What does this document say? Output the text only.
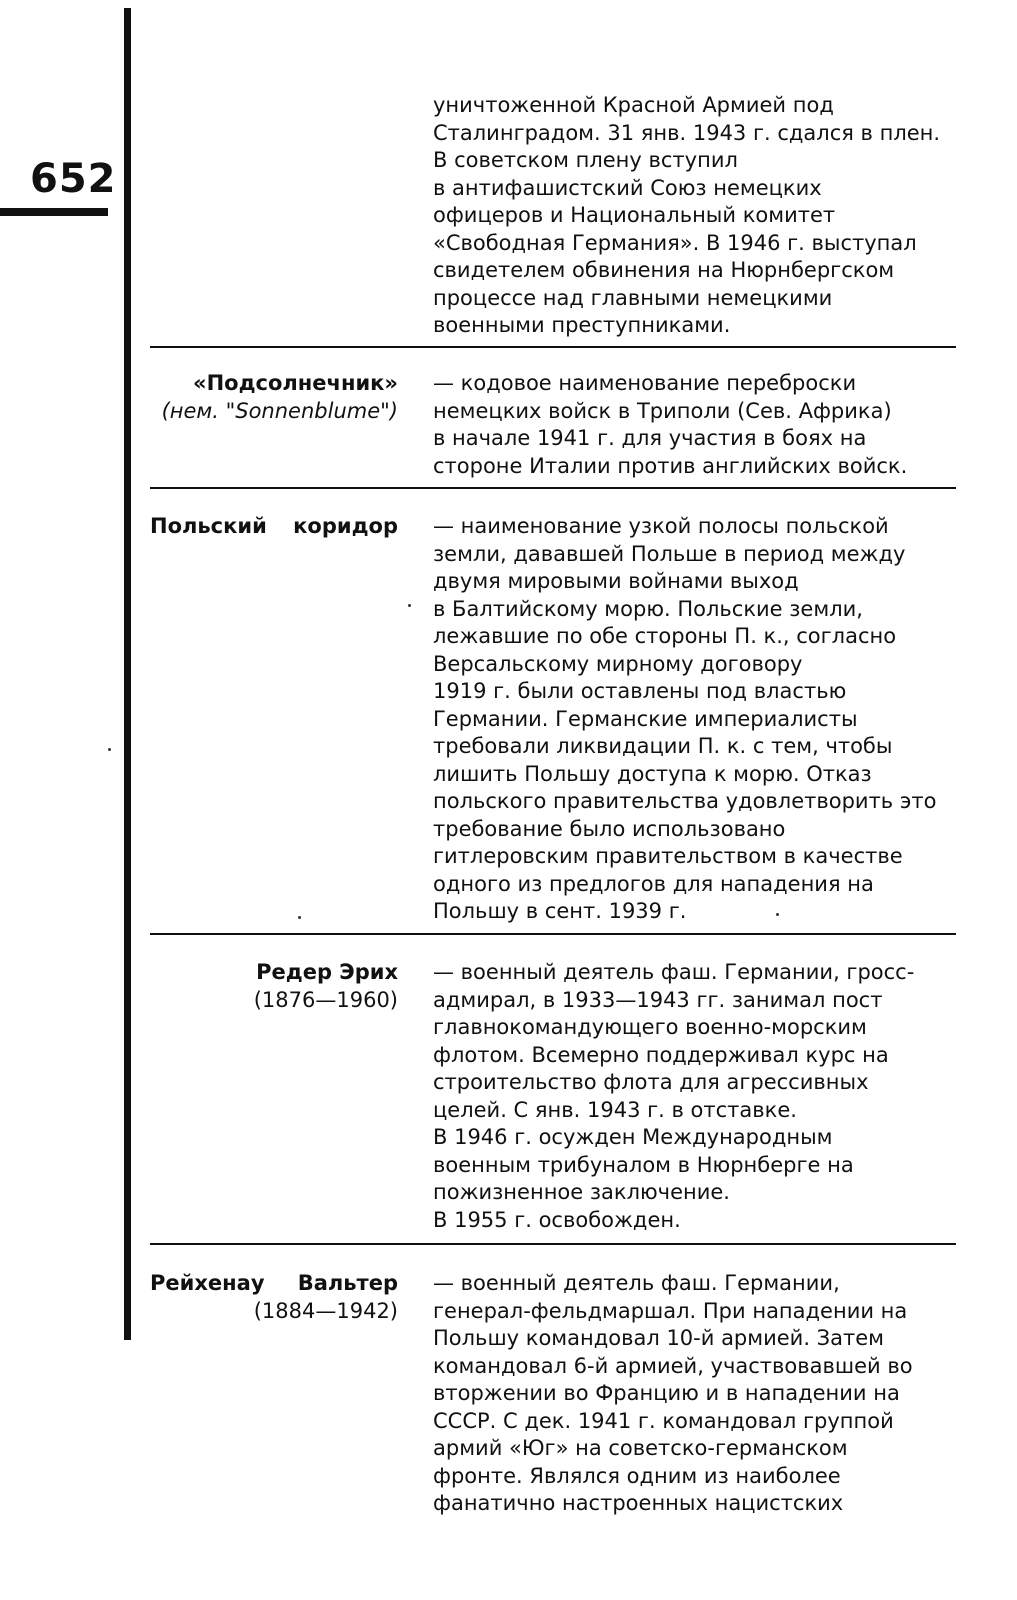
652
уничтоженной Красной Армией под
Сталинградом. 31 янв. 1943 г. сдался в плен.
В советском плену вступил
в антифашистский Союз немецких
офицеров и Национальный комитет
«Свободная Германия». В 1946 г. выступал
свидетелем обвинения на Нюрнбергском
процессе над главными немецкими
военными преступниками.
«Подсолнечник»
(нем. "Sonnenblume")
— кодовое наименование переброски
немецких войск в Триполи (Сев. Африка)
в начале 1941 г. для участия в боях на
стороне Италии против английских войск.
Польский коридор — наименование узкой полосы польской
земли, дававшей Польше в период между
двумя мировыми войнами выход
в Балтийскому морю. Польские земли,
лежавшие по обе стороны П. к., согласно
Версальскому мирному договору
1919 г. были оставлены под властью
Германии. Германские империалисты
требовали ликвидации П. к. с тем, чтобы
лишить Польшу доступа к морю. Отказ
польского правительства удовлетворить это
требование было использовано
гитлеровским правительством в качестве
одного из предлогов для нападения на
Польшу в сент. 1939 г.
Редер Эрих
(1876—1960)
— военный деятель фаш. Германии, гросс-
адмирал, в 1933—1943 гг. занимал пост
главнокомандующего военно-морским
флотом. Всемерно поддерживал курс на
строительство флота для агрессивных
целей. С янв. 1943 г. в отставке.
В 1946 г. осужден Международным
военным трибуналом в Нюрнберге на
пожизненное заключение.
В 1955 г. освобожден.
Рейхенау Вальтер
(1884—1942)
— военный деятель фаш. Германии,
генерал-фельдмаршал. При нападении на
Польшу командовал 10-й армией. Затем
командовал 6-й армией, участвовавшей во
вторжении во Францию и в нападении на
СССР. С дек. 1941 г. командовал группой
армий «Юг» на советско-германском
фронте. Являлся одним из наиболее
фанатично настроенных нацистских
